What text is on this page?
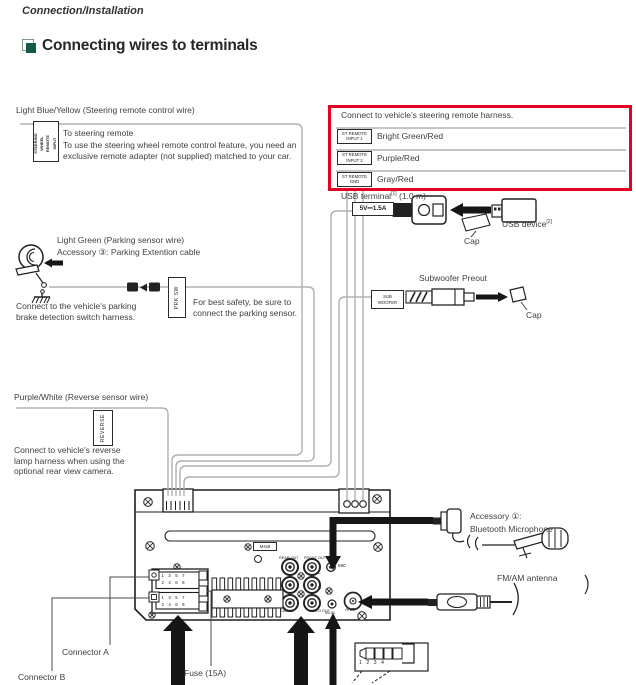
Connection/Installation
Connecting wires to terminals
Light Blue/Yellow (Steering remote control wire)
STEERING WHEEL REMOTE INPUT
To steering remote
To use the steering wheel remote control feature, you need an exclusive remote adapter (not supplied) matched to your car.
Connect to vehicle’s steering remote harness.
ST REMOTE
INPUT 1	Bright Green/Red
ST REMOTE
INPUT 2	Purple/Red
ST REMOTE
GND	Gray/Red
USB terminal[1] (1.0 m)
5V⎓1.5A
USB device[2]
Cap
Light Green (Parking sensor wire)
Accessory ③: Parking Extention cable
PRK SW
Connect to the vehicle’s parking brake detection switch harness.
For best safety, be sure to connect the parking sensor.
Subwoofer Preout
SUB
WOOFER
Cap
Purple/White (Reverse sensor wire)
REVERSE
Connect to vehicle’s reverse lamp harness when using the optional rear view camera.
Accessory ①:
Bluetooth Microphone
FM/AM antenna
Connector A
Connector B	Fuse (15A)
M4x8
REAR OUT FRONT OUT
MIC
L
R
CAM IN	VIDEO OUT
AV-IN ANT
1 3 5 7
2 4 6 8
1 3 5 7
2 4 6 8
1 2 3 4
